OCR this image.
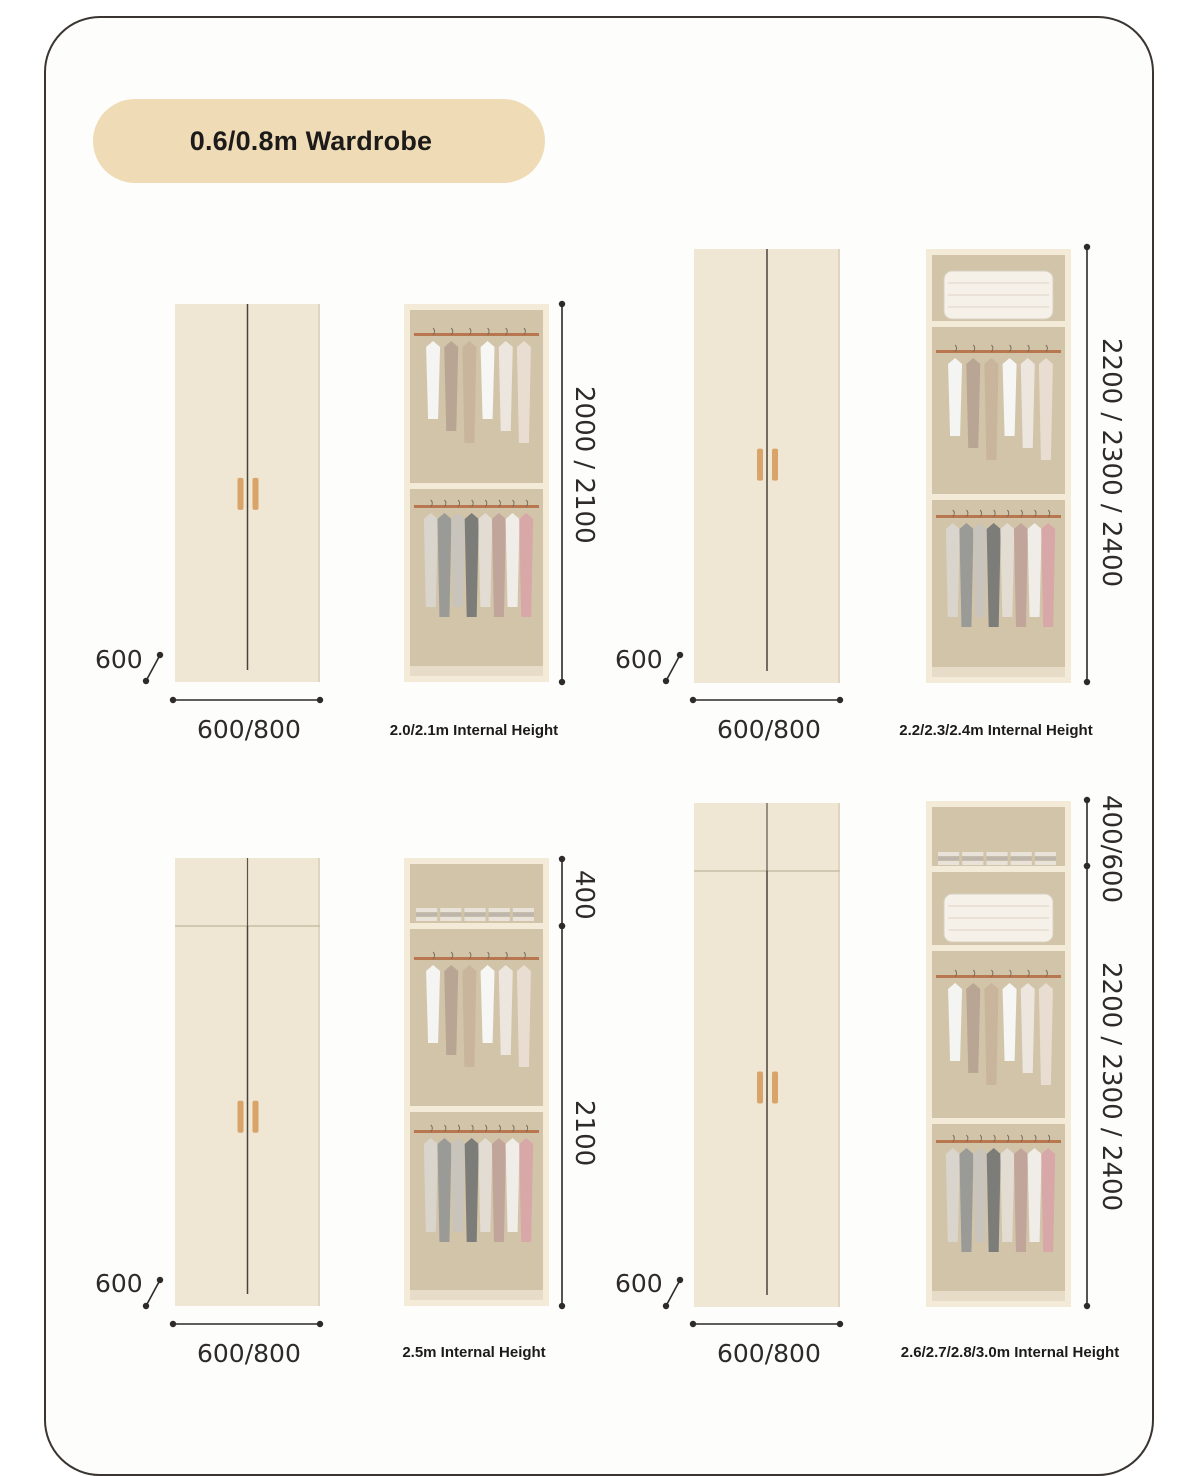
0.6/0.8m Wardrobe
600
600/800	2.0/2.1m Internal Height
2000 / 2100
600
600/800	2.2/2.3/2.4m Internal Height
2200 / 2300 / 2400
600
600/800	2.5m Internal Height
400
2100
600
600/800	2.6/2.7/2.8/3.0m Internal Height
400/600
2200 / 2300 / 2400
